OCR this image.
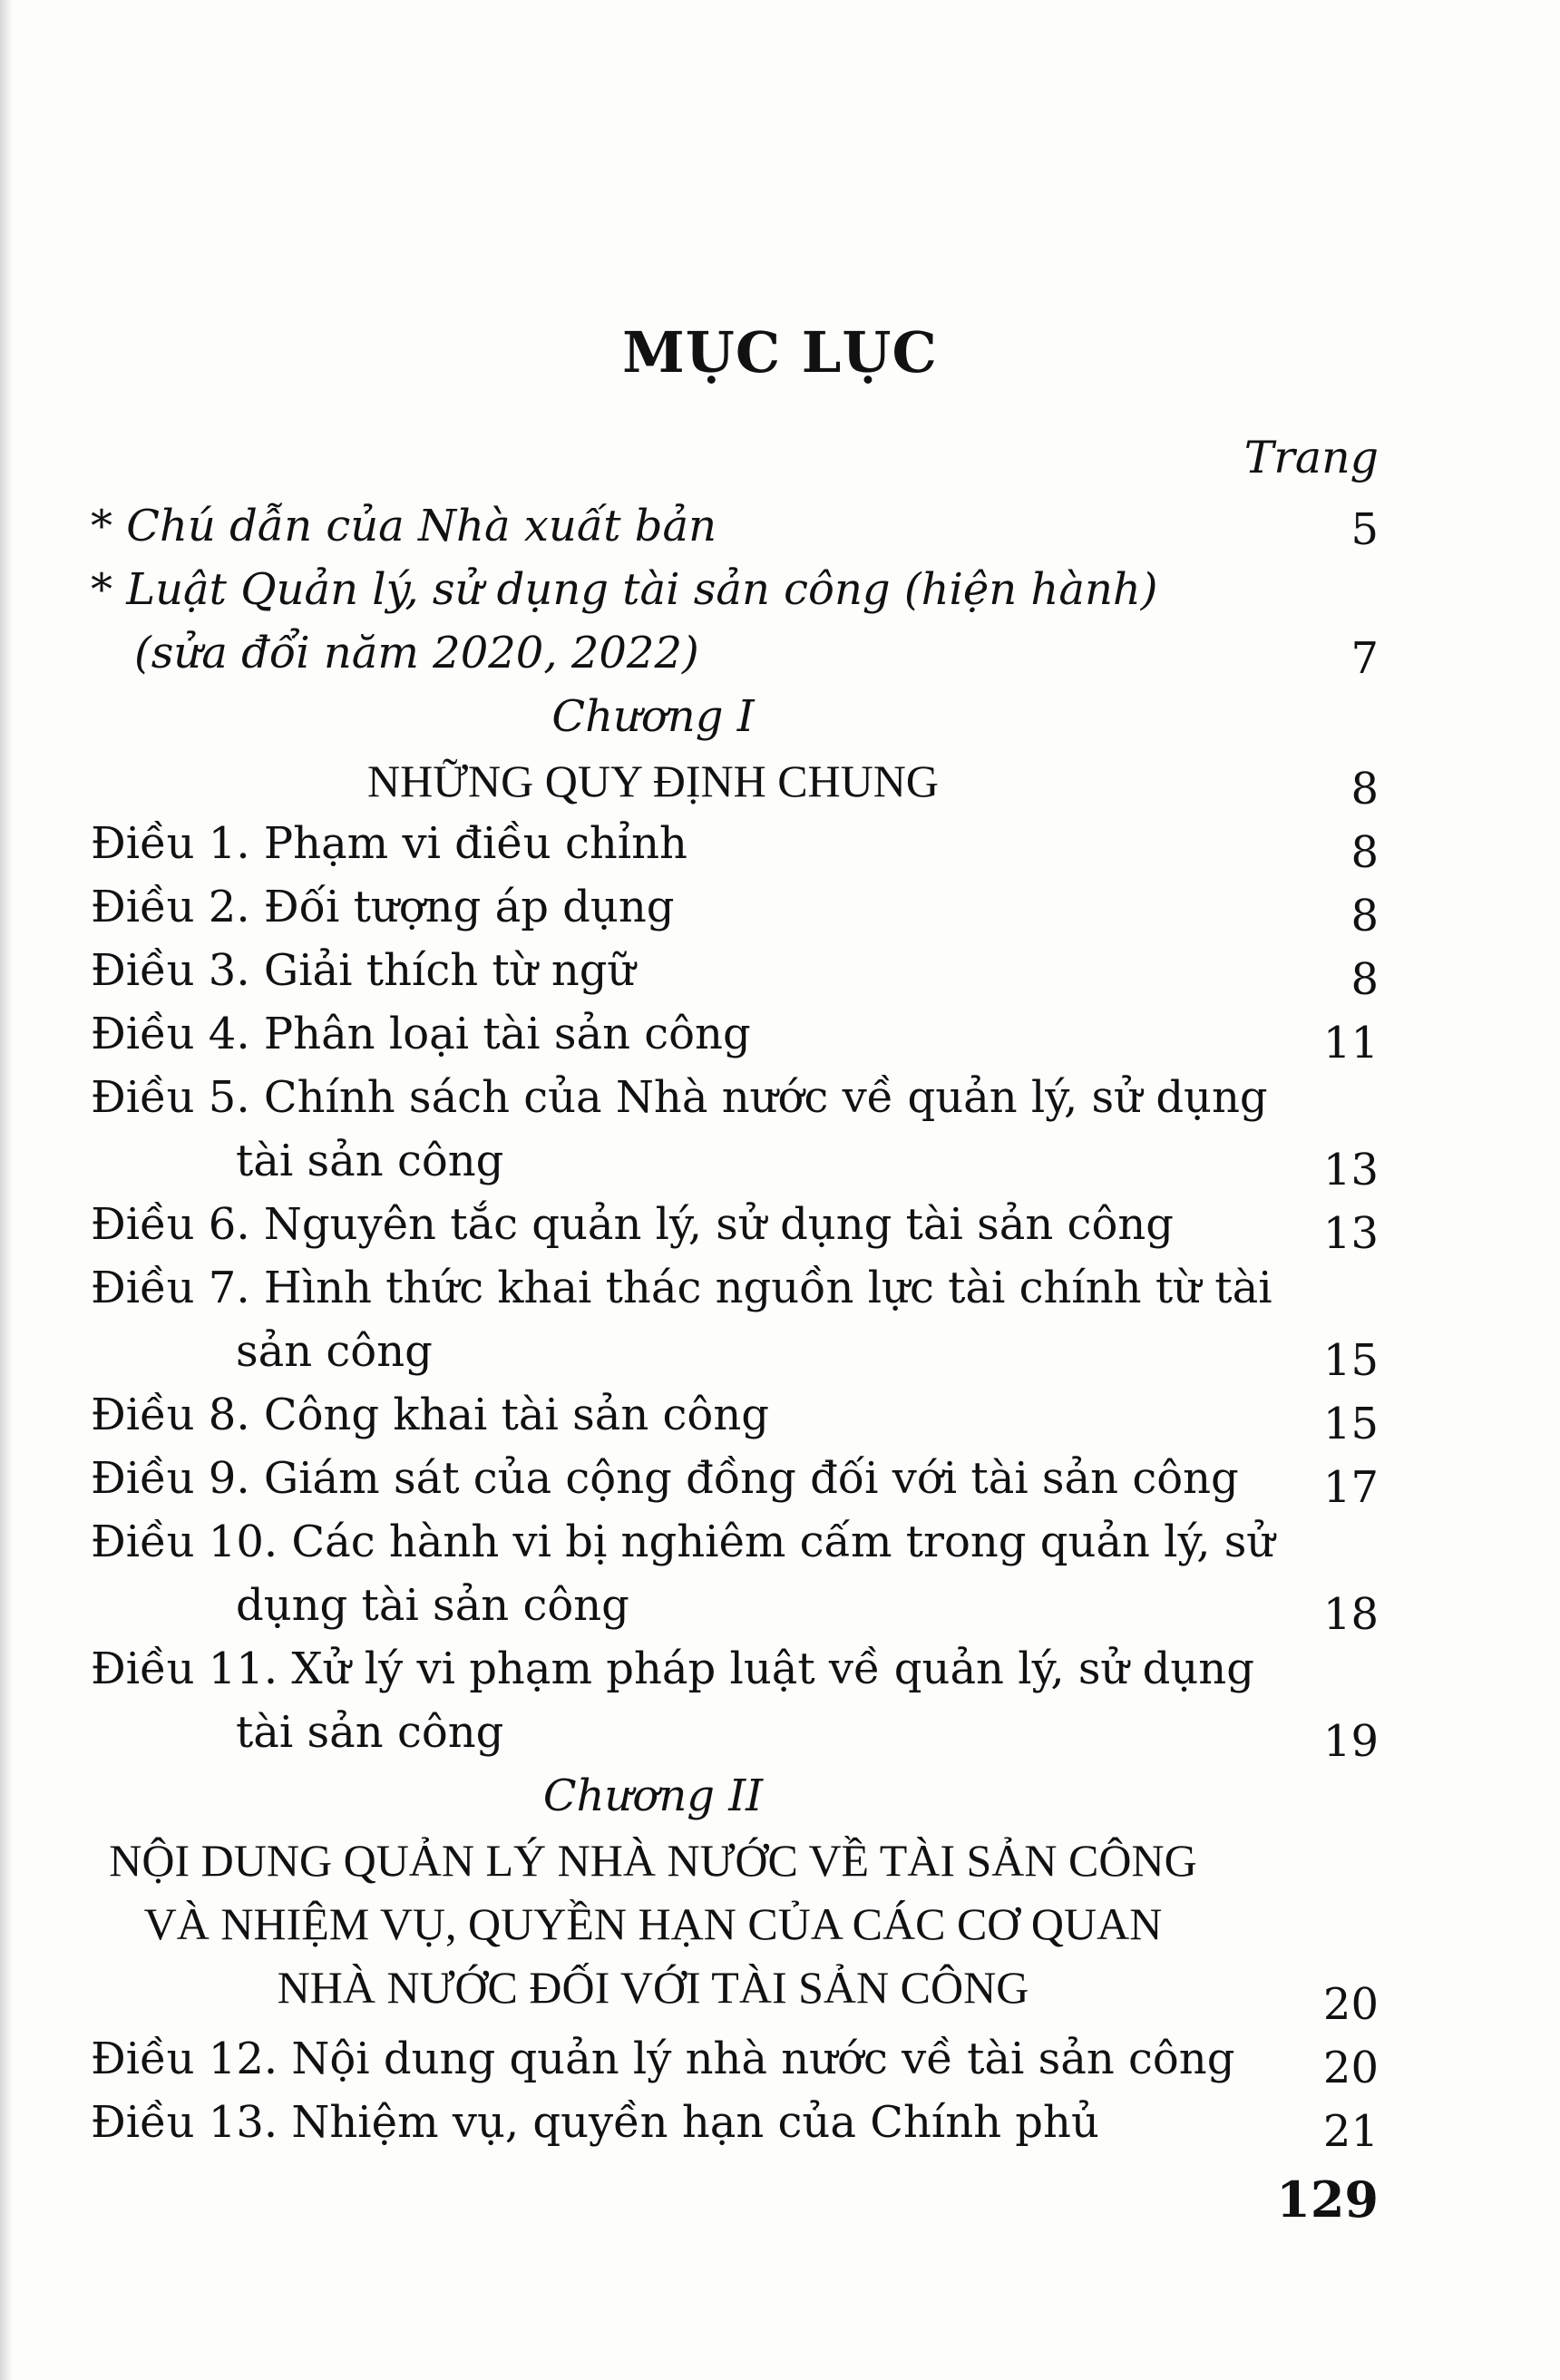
MỤC LỤC
Trang
* Chú dẫn của Nhà xuất bản	5
* Luật Quản lý, sử dụng tài sản công (hiện hành)
(sửa đổi năm 2020, 2022)	7
Chương I
NHỮNG QUY ĐỊNH CHUNG	8
Điều 1. Phạm vi điều chỉnh	8
Điều 2. Đối tượng áp dụng	8
Điều 3. Giải thích từ ngữ	8
Điều 4. Phân loại tài sản công	11
Điều 5. Chính sách của Nhà nước về quản lý, sử dụng
tài sản công	13
Điều 6. Nguyên tắc quản lý, sử dụng tài sản công	13
Điều 7. Hình thức khai thác nguồn lực tài chính từ tài
sản công	15
Điều 8. Công khai tài sản công	15
Điều 9. Giám sát của cộng đồng đối với tài sản công	17
Điều 10. Các hành vi bị nghiêm cấm trong quản lý, sử
dụng tài sản công	18
Điều 11. Xử lý vi phạm pháp luật về quản lý, sử dụng
tài sản công	19
Chương II
NỘI DUNG QUẢN LÝ NHÀ NƯỚC VỀ TÀI SẢN CÔNG
VÀ NHIỆM VỤ, QUYỀN HẠN CỦA CÁC CƠ QUAN
NHÀ NƯỚC ĐỐI VỚI TÀI SẢN CÔNG	20
Điều 12. Nội dung quản lý nhà nước về tài sản công	20
Điều 13. Nhiệm vụ, quyền hạn của Chính phủ	21
129
